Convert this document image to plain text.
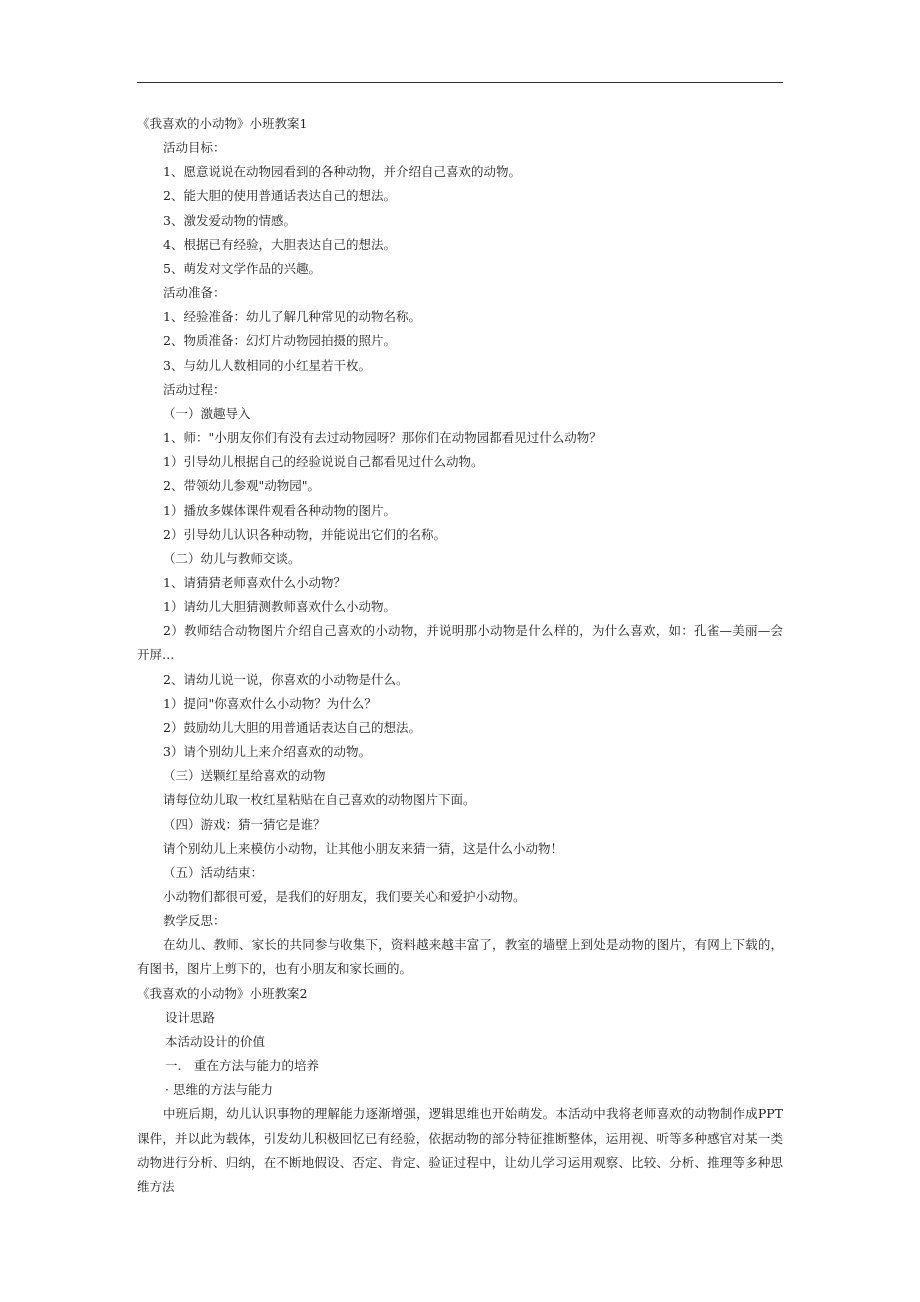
《我喜欢的小动物》小班教案1

活动目标：

1、愿意说说在动物园看到的各种动物，并介绍自己喜欢的动物。

2、能大胆的使用普通话表达自己的想法。

3、激发爱动物的情感。

4、根据已有经验，大胆表达自己的想法。

5、萌发对文学作品的兴趣。

活动准备：

1、经验准备：幼儿了解几种常见的动物名称。

2、物质准备：幻灯片动物园拍摄的照片。

3、与幼儿人数相同的小红星若干枚。

活动过程：

（一）激趣导入

1、师："小朋友你们有没有去过动物园呀？那你们在动物园都看见过什么动物？

1）引导幼儿根据自己的经验说说自己都看见过什么动物。

2、带领幼儿参观"动物园"。

1）播放多媒体课件观看各种动物的图片。

2）引导幼儿认识各种动物，并能说出它们的名称。

（二）幼儿与教师交谈。

1、请猜猜老师喜欢什么小动物？

1）请幼儿大胆猜测教师喜欢什么小动物。

2）教师结合动物图片介绍自己喜欢的小动物，并说明那小动物是什么样的，为什么喜欢，如：孔雀—美丽—会开屏…

2、请幼儿说一说，你喜欢的小动物是什么。

1）提问"你喜欢什么小动物？为什么？

2）鼓励幼儿大胆的用普通话表达自己的想法。

3）请个别幼儿上来介绍喜欢的动物。

（三）送颗红星给喜欢的动物

请每位幼儿取一枚红星粘贴在自己喜欢的动物图片下面。

（四）游戏：猜一猜它是谁？

请个别幼儿上来模仿小动物，让其他小朋友来猜一猜，这是什么小动物！

（五）活动结束：

小动物们都很可爱，是我们的好朋友，我们要关心和爱护小动物。

教学反思：

在幼儿、教师、家长的共同参与收集下，资料越来越丰富了，教室的墙壁上到处是动物的图片，有网上下载的，有图书，图片上剪下的，也有小朋友和家长画的。

《我喜欢的小动物》小班教案2

设计思路

本活动设计的价值

一.　重在方法与能力的培养

· 思维的方法与能力

中班后期，幼儿认识事物的理解能力逐渐增强，逻辑思维也开始萌发。本活动中我将老师喜欢的动物制作成PPT课件，并以此为载体，引发幼儿积极回忆已有经验，依据动物的部分特征推断整体，运用视、听等多种感官对某一类动物进行分析、归纳，在不断地假设、否定、肯定、验证过程中，让幼儿学习运用观察、比较、分析、推理等多种思维方法
